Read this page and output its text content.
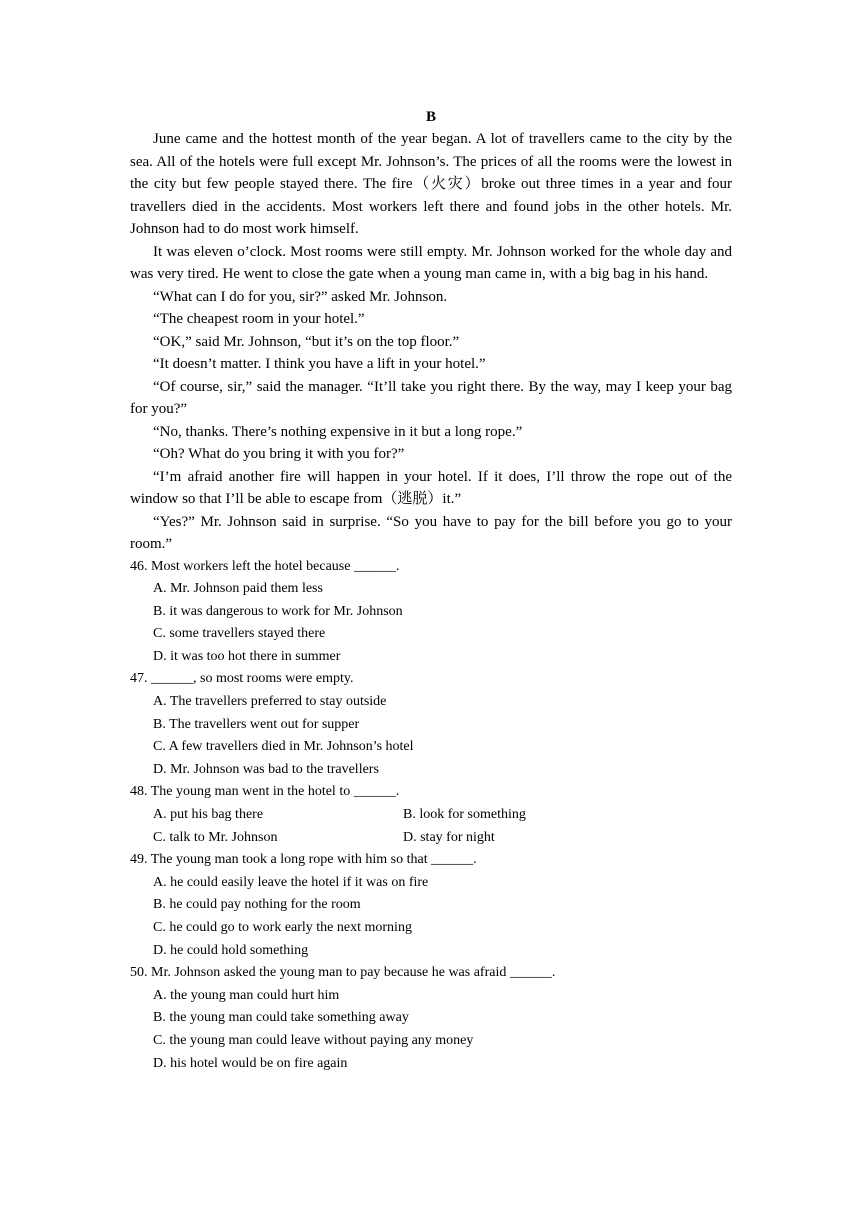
B

June came and the hottest month of the year began. A lot of travellers came to the city by the sea. All of the hotels were full except Mr. Johnson’s. The prices of all the rooms were the lowest in the city but few people stayed there. The fire（火灾）broke out three times in a year and four travellers died in the accidents. Most workers left there and found jobs in the other hotels. Mr. Johnson had to do most work himself.

It was eleven o’clock. Most rooms were still empty. Mr. Johnson worked for the whole day and was very tired. He went to close the gate when a young man came in, with a big bag in his hand.

“What can I do for you, sir?” asked Mr. Johnson.

“The cheapest room in your hotel.”

“OK,” said Mr. Johnson, “but it’s on the top floor.”

“It doesn’t matter. I think you have a lift in your hotel.”

“Of course, sir,” said the manager. “It’ll take you right there. By the way, may I keep your bag for you?”

“No, thanks. There’s nothing expensive in it but a long rope.”

“Oh? What do you bring it with you for?”

“I’m afraid another fire will happen in your hotel. If it does, I’ll throw the rope out of the window so that I’ll be able to escape from（逃脱）it.”

“Yes?” Mr. Johnson said in surprise. “So you have to pay for the bill before you go to your room.”

46. Most workers left the hotel because ______.

A. Mr. Johnson paid them less

B. it was dangerous to work for Mr. Johnson

C. some travellers stayed there

D. it was too hot there in summer

47. ______, so most rooms were empty.

A. The travellers preferred to stay outside

B. The travellers went out for supper

C. A few travellers died in Mr. Johnson’s hotel

D. Mr. Johnson was bad to the travellers

48. The young man went in the hotel to ______.

A. put his bag there	B. look for something
C. talk to Mr. Johnson	D. stay for night

49. The young man took a long rope with him so that ______.

A. he could easily leave the hotel if it was on fire

B. he could pay nothing for the room

C. he could go to work early the next morning

D. he could hold something

50. Mr. Johnson asked the young man to pay because he was afraid ______.

A. the young man could hurt him

B. the young man could take something away

C. the young man could leave without paying any money

D. his hotel would be on fire again
